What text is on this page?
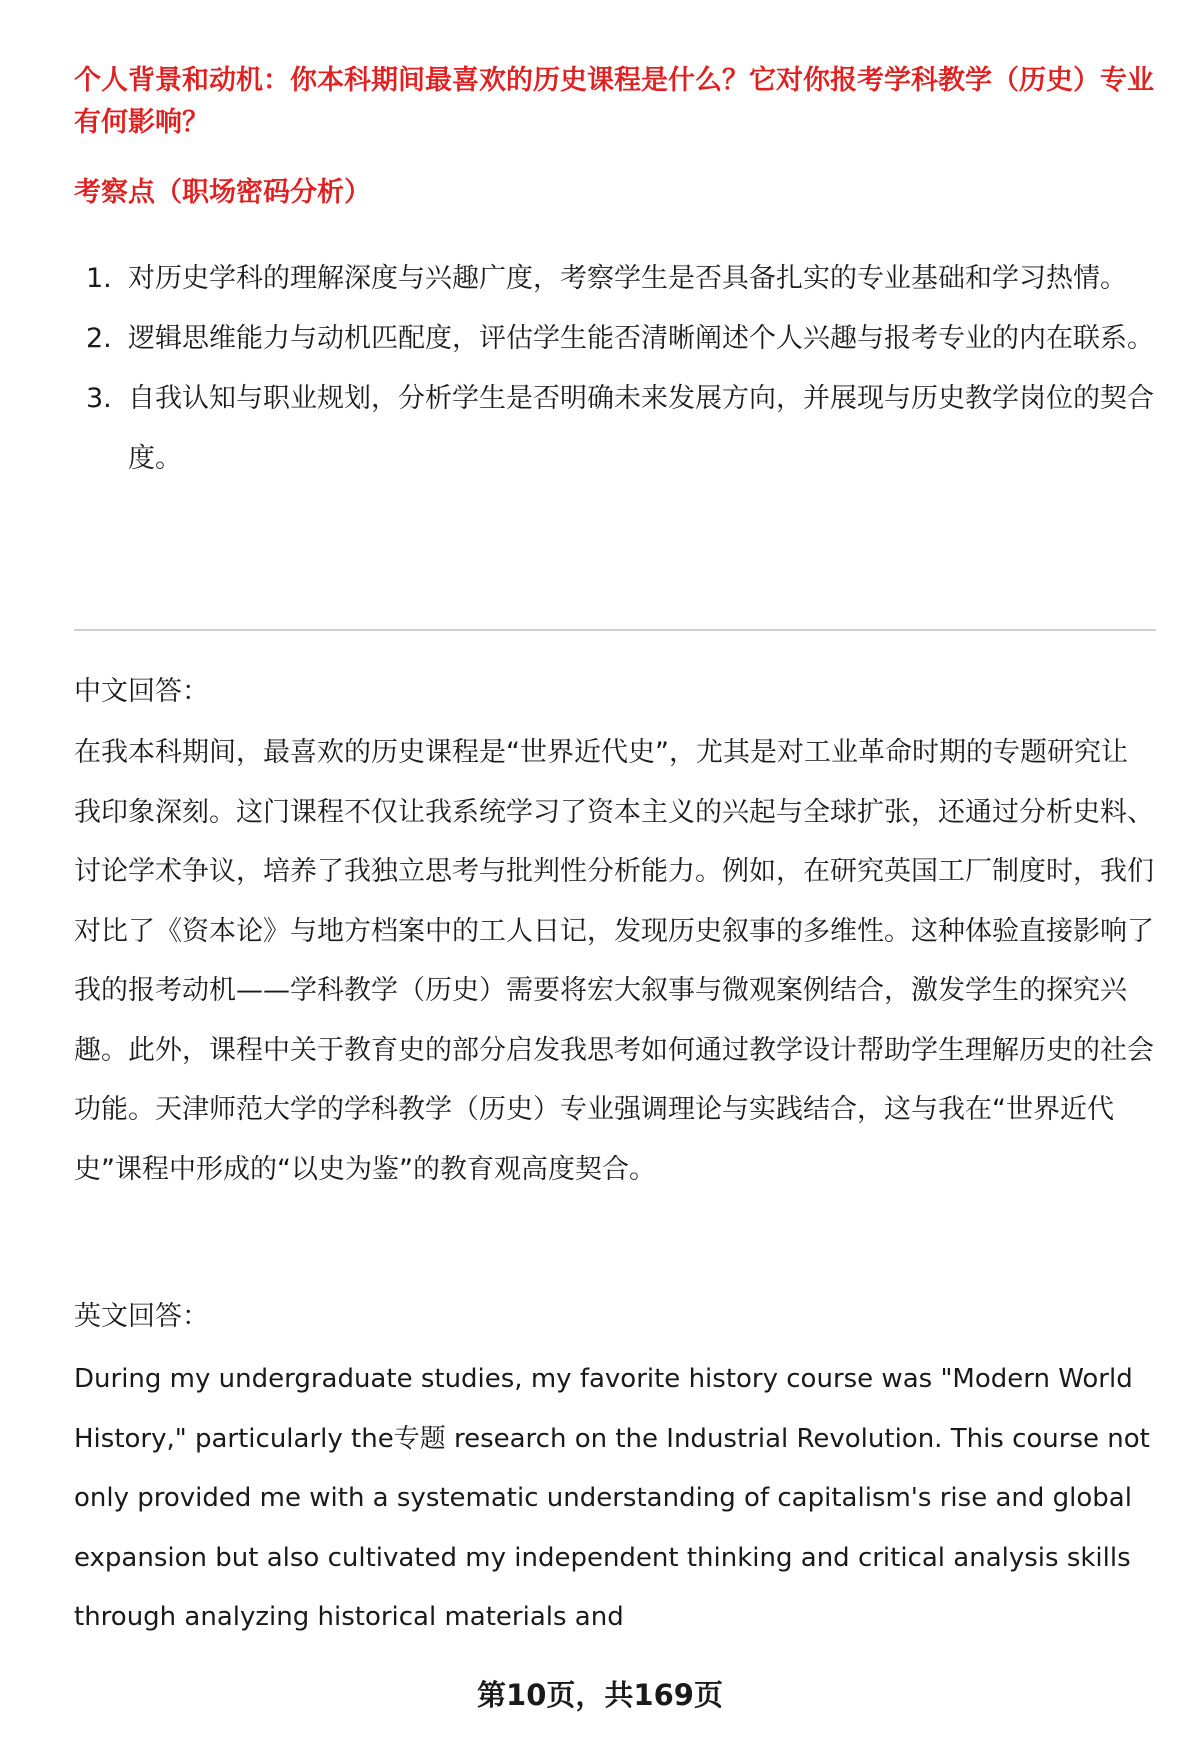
个人背景和动机：你本科期间最喜欢的历史课程是什么？它对你报考学科教学（历史）专业有何影响？

考察点（职场密码分析）

1. 对历史学科的理解深度与兴趣广度，考察学生是否具备扎实的专业基础和学习热情。
2. 逻辑思维能力与动机匹配度，评估学生能否清晰阐述个人兴趣与报考专业的内在联系。
3. 自我认知与职业规划，分析学生是否明确未来发展方向，并展现与历史教学岗位的契合度。

中文回答：

在我本科期间，最喜欢的历史课程是“世界近代史”，尤其是对工业革命时期的专题研究让我印象深刻。这门课程不仅让我系统学习了资本主义的兴起与全球扩张，还通过分析史料、讨论学术争议，培养了我独立思考与批判性分析能力。例如，在研究英国工厂制度时，我们对比了《资本论》与地方档案中的工人日记，发现历史叙事的多维性。这种体验直接影响了我的报考动机——学科教学（历史）需要将宏大叙事与微观案例结合，激发学生的探究兴趣。此外，课程中关于教育史的部分启发我思考如何通过教学设计帮助学生理解历史的社会功能。天津师范大学的学科教学（历史）专业强调理论与实践结合，这与我在“世界近代史”课程中形成的“以史为鉴”的教育观高度契合。

英文回答：

During my undergraduate studies, my favorite history course was "Modern World History," particularly the专题 research on the Industrial Revolution. This course not only provided me with a systematic understanding of capitalism's rise and global expansion but also cultivated my independent thinking and critical analysis skills through analyzing historical materials and

第10页，共169页
